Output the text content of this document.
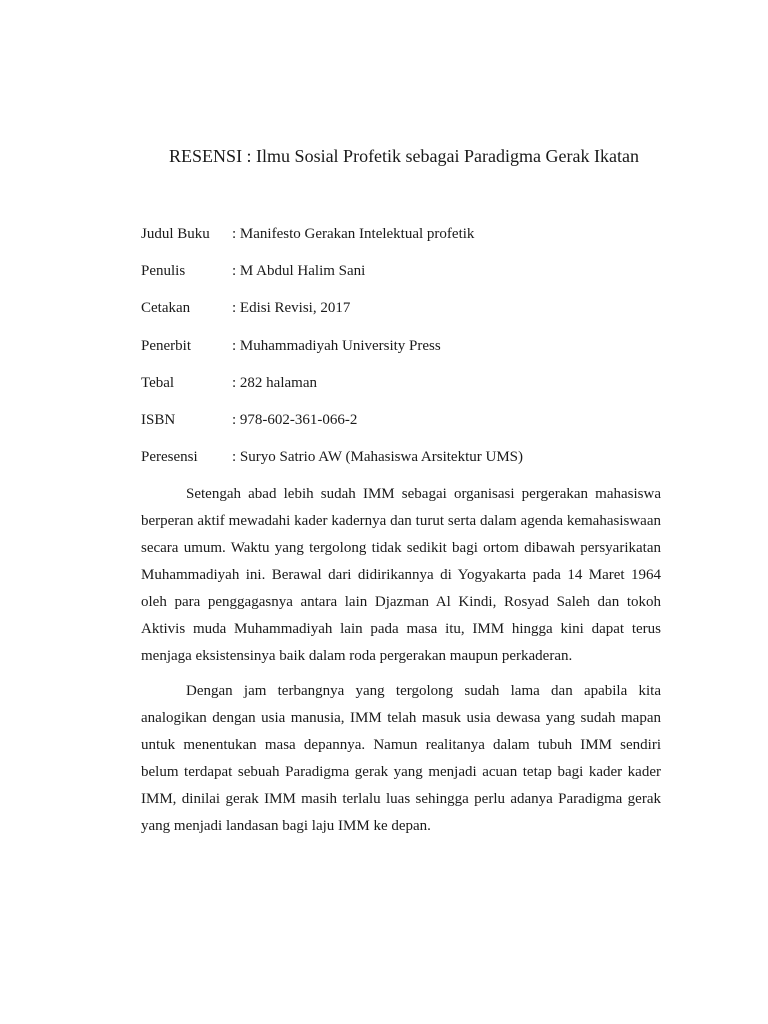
RESENSI : Ilmu Sosial Profetik sebagai Paradigma Gerak Ikatan
Judul Buku	: Manifesto Gerakan Intelektual profetik
Penulis	: M Abdul Halim Sani
Cetakan	: Edisi Revisi, 2017
Penerbit	: Muhammadiyah University Press
Tebal	: 282 halaman
ISBN	: 978-602-361-066-2
Peresensi	: Suryo Satrio AW (Mahasiswa Arsitektur UMS)

Setengah abad lebih sudah IMM sebagai organisasi pergerakan mahasiswa berperan aktif mewadahi kader kadernya dan turut serta dalam agenda kemahasiswaan secara umum. Waktu yang tergolong tidak sedikit bagi ortom dibawah persyarikatan Muhammadiyah ini. Berawal dari didirikannya di Yogyakarta pada 14 Maret 1964 oleh para penggagasnya antara lain Djazman Al Kindi, Rosyad Saleh dan tokoh Aktivis muda Muhammadiyah lain pada masa itu, IMM hingga kini dapat terus menjaga eksistensinya baik dalam roda pergerakan maupun perkaderan.

Dengan jam terbangnya yang tergolong sudah lama dan apabila kita analogikan dengan usia manusia, IMM telah masuk usia dewasa yang sudah mapan untuk menentukan masa depannya. Namun realitanya dalam tubuh IMM sendiri belum terdapat sebuah Paradigma gerak yang menjadi acuan tetap bagi kader kader IMM, dinilai gerak IMM masih terlalu luas sehingga perlu adanya Paradigma gerak yang menjadi landasan bagi laju IMM ke depan.
